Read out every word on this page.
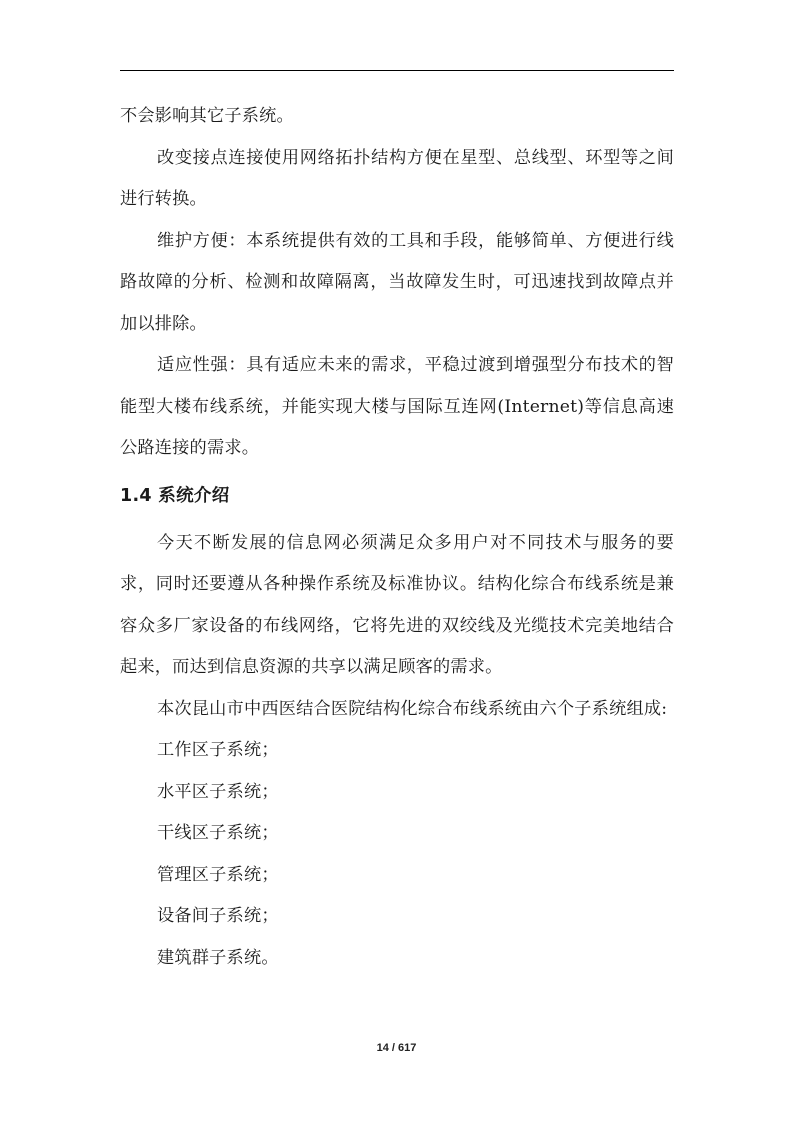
不会影响其它子系统。

改变接点连接使用网络拓扑结构方便在星型、总线型、环型等之间进行转换。

维护方便：本系统提供有效的工具和手段，能够简单、方便进行线路故障的分析、检测和故障隔离，当故障发生时，可迅速找到故障点并加以排除。

适应性强：具有适应未来的需求，平稳过渡到增强型分布技术的智能型大楼布线系统，并能实现大楼与国际互连网(Internet)等信息高速公路连接的需求。

1.4 系统介绍

今天不断发展的信息网必须满足众多用户对不同技术与服务的要求，同时还要遵从各种操作系统及标准协议。结构化综合布线系统是兼容众多厂家设备的布线网络，它将先进的双绞线及光缆技术完美地结合起来，而达到信息资源的共享以满足顾客的需求。

本次昆山市中西医结合医院结构化综合布线系统由六个子系统组成:

工作区子系统；
水平区子系统；
干线区子系统；
管理区子系统；
设备间子系统；
建筑群子系统。
14 / 617
